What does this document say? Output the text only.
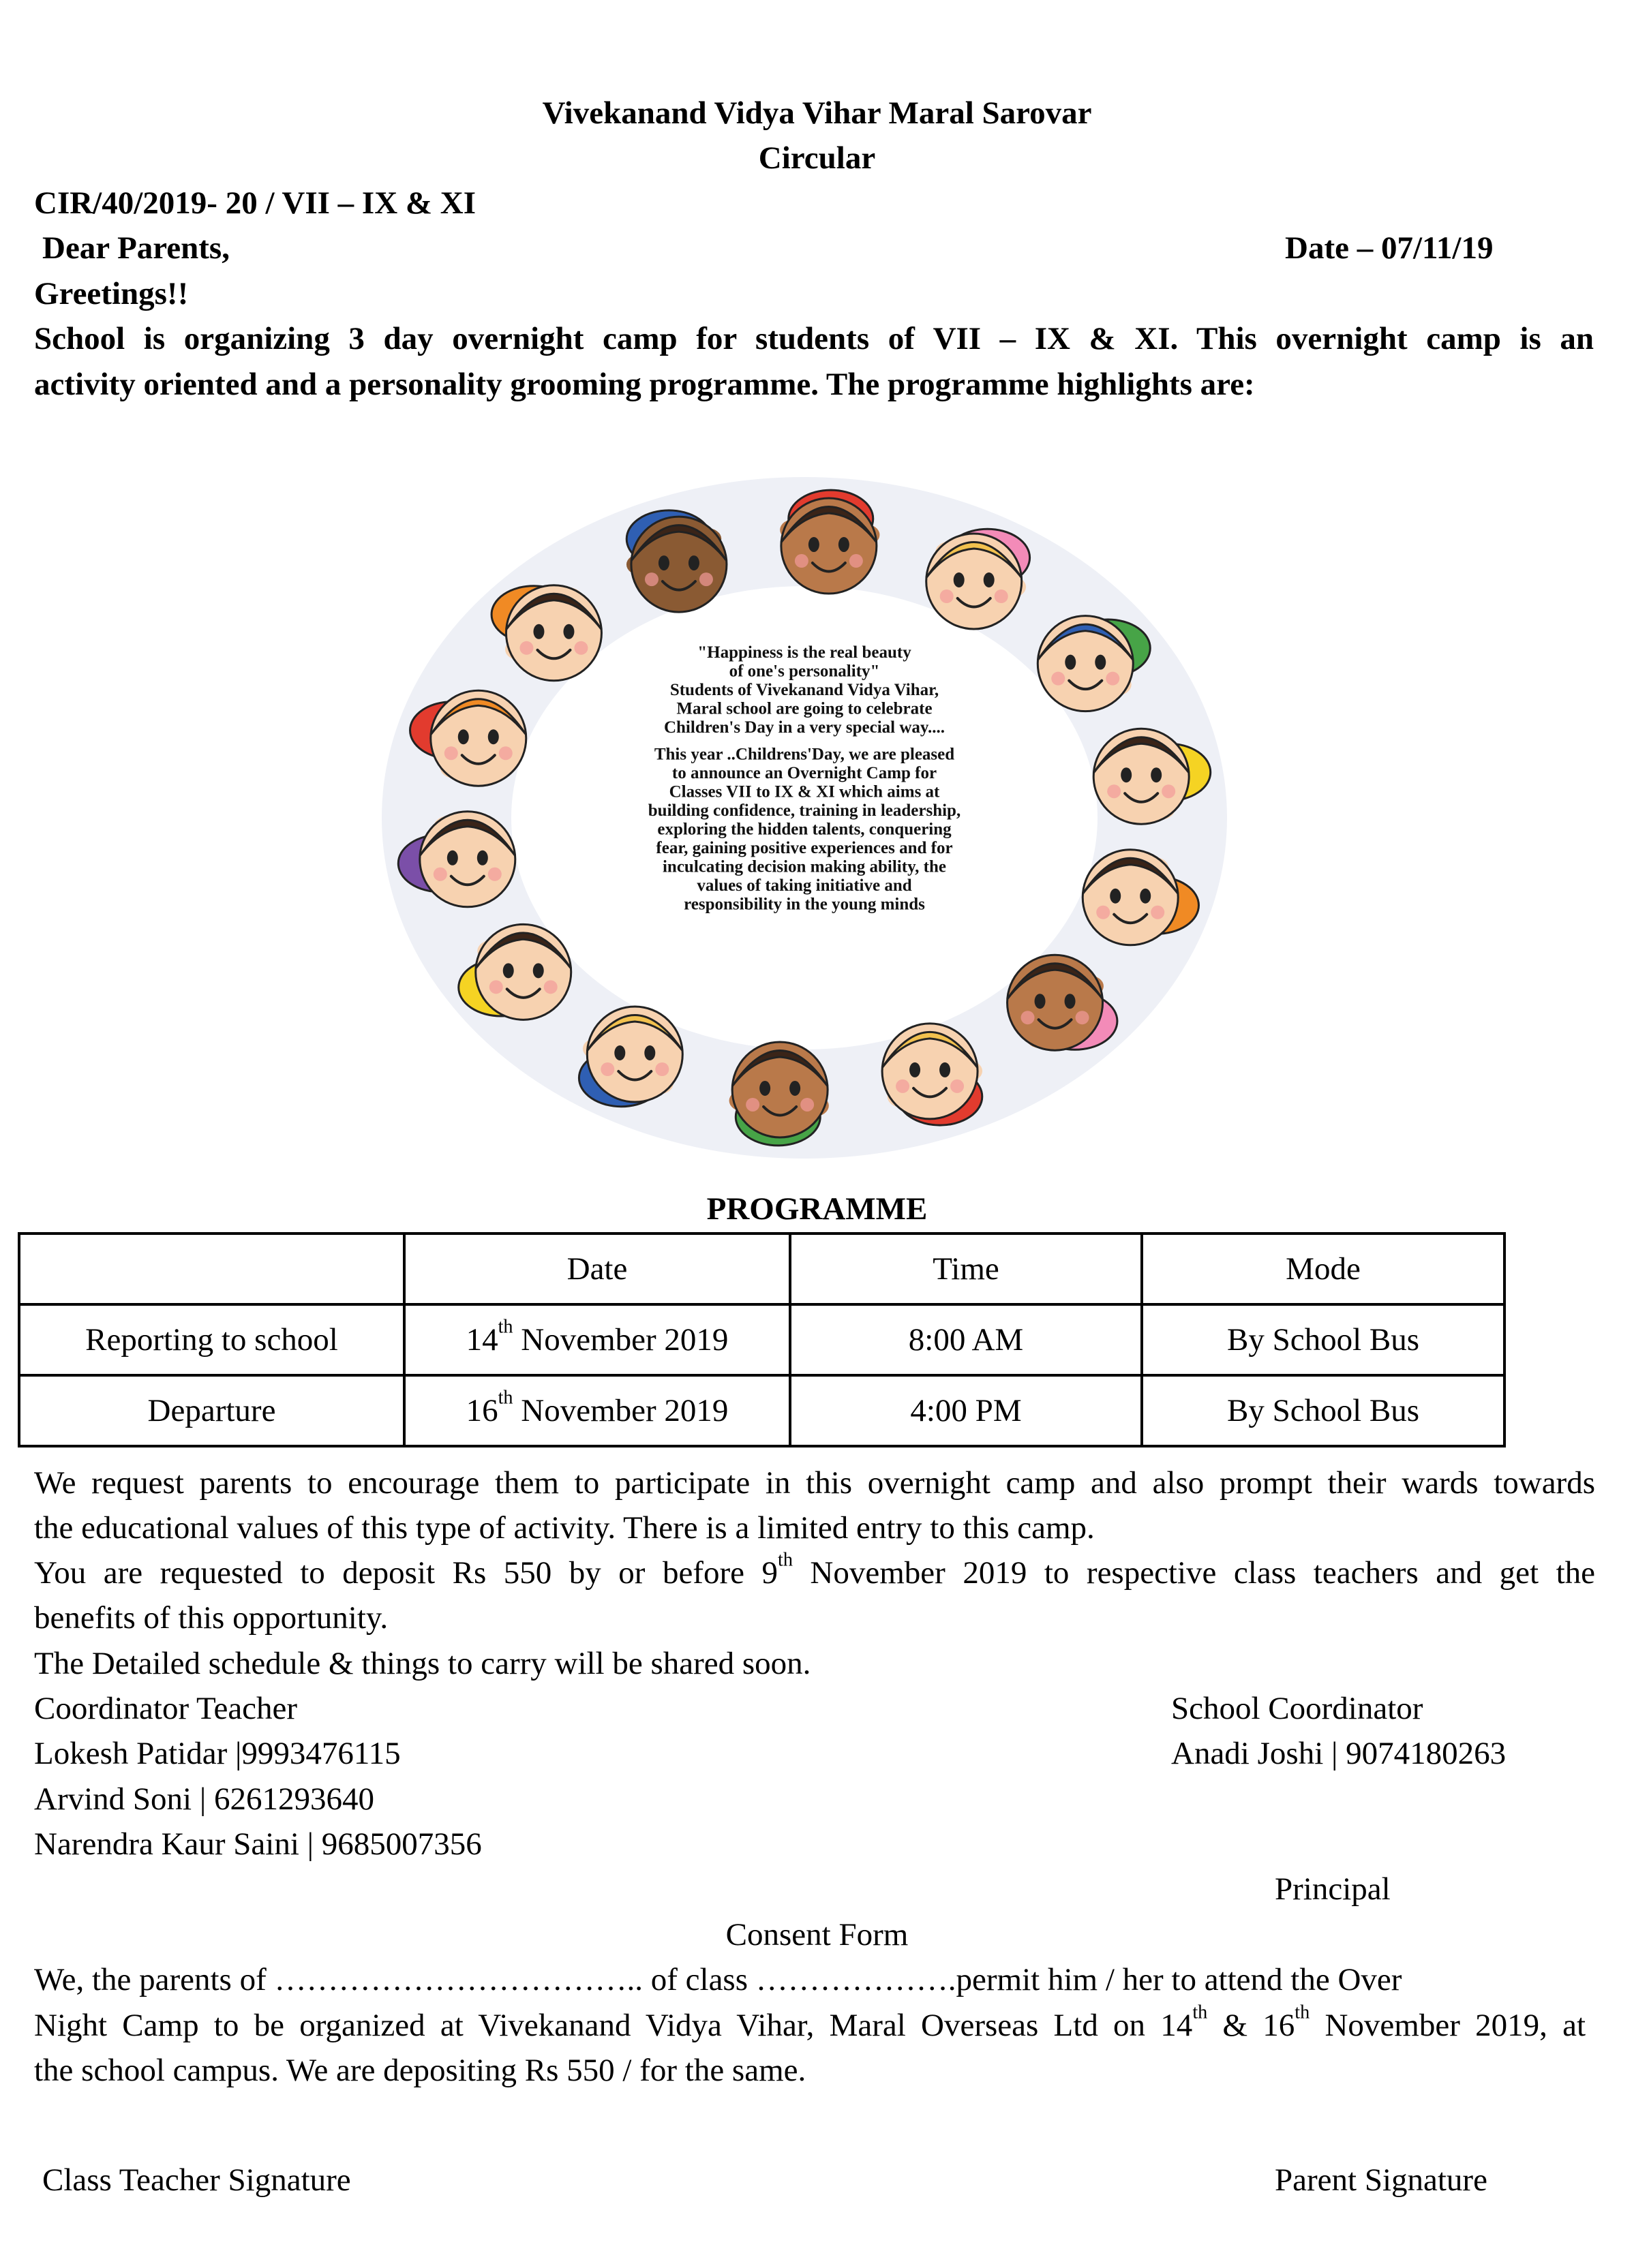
Vivekanand Vidya Vihar Maral Sarovar
Circular
CIR/40/2019- 20 / VII – IX & XI
Dear Parents,	Date – 07/11/19
Greetings!!
School is organizing 3 day overnight camp for students of VII – IX & XI. This overnight camp is an
activity oriented and a personality grooming programme. The programme highlights are:
"Happiness is the real beauty
of one's personality"
Students of Vivekanand Vidya Vihar,
Maral school are going to celebrate
Children's Day in a very special way....
This year ..Childrens'Day, we are pleased
to announce an Overnight Camp for
Classes VII to IX & XI which aims at
building confidence, training in leadership,
exploring the hidden talents, conquering
fear, gaining positive experiences and for
inculcating decision making ability, the
values of taking initiative and
responsibility in the young minds
PROGRAMME
	Date	Time	Mode
Reporting to school	14th November 2019	8:00 AM	By School Bus
Departure	16th November 2019	4:00 PM	By School Bus
We request parents to encourage them to participate in this overnight camp and also prompt their wards towards
the educational values of this type of activity. There is a limited entry to this camp.
You are requested to deposit Rs 550 by or before 9th November 2019 to respective class teachers and get the
benefits of this opportunity.
The Detailed schedule & things to carry will be shared soon.
Coordinator Teacher	School Coordinator
Lokesh Patidar |9993476115	Anadi Joshi | 9074180263
Arvind Soni | 6261293640
Narendra Kaur Saini | 9685007356
Principal
Consent Form
We, the parents of …………………………….. of class ……………….permit him / her to attend the Over
Night Camp to be organized at Vivekanand Vidya Vihar, Maral Overseas Ltd on 14th & 16th November 2019, at
the school campus. We are depositing Rs 550 / for the same.
Class Teacher Signature	Parent Signature
